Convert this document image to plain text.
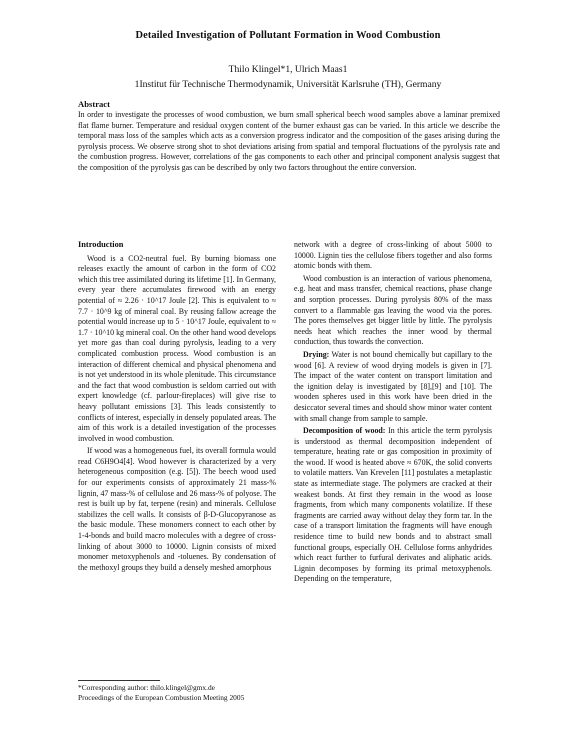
Detailed Investigation of Pollutant Formation in Wood Combustion
Thilo Klingel*1, Ulrich Maas1
1Institut für Technische Thermodynamik, Universität Karlsruhe (TH), Germany
Abstract

In order to investigate the processes of wood combustion, we burn small spherical beech wood samples above a laminar premixed flat flame burner. Temperature and residual oxygen content of the burner exhaust gas can be varied. In this article we describe the temporal mass loss of the samples which acts as a conversion progress indicator and the composition of the gases arising during the pyrolysis process. We observe strong shot to shot deviations arising from spatial and temporal fluctuations of the pyrolysis rate and the combustion progress. However, correlations of the gas components to each other and principal component analysis suggest that the composition of the pyrolysis gas can be described by only two factors throughout the entire conversion.

Introduction

Wood is a CO2-neutral fuel. By burning biomass one releases exactly the amount of carbon in the form of CO2 which this tree assimilated during its lifetime [1]. In Germany, every year there accumulates firewood with an energy potential of ≈ 2.26 · 10^17 Joule [2]. This is equivalent to ≈ 7.7 · 10^9 kg of mineral coal. By reusing fallow acreage the potential would increase up to 5 · 10^17 Joule, equivalent to ≈ 1.7 · 10^10 kg mineral coal. On the other hand wood develops yet more gas than coal during pyrolysis, leading to a very complicated combustion process. Wood combustion is an interaction of different chemical and physical phenomena and is not yet understood in its whole plenitude. This circumstance and the fact that wood combustion is seldom carried out with expert knowledge (cf. parlour-fireplaces) will give rise to heavy pollutant emissions [3]. This leads consistently to conflicts of interest, especially in densely populated areas. The aim of this work is a detailed investigation of the processes involved in wood combustion.

If wood was a homogeneous fuel, its overall formula would read C6H9O4[4]. Wood however is characterized by a very heterogeneous composition (e.g. [5]). The beech wood used for our experiments consists of approximately 21 mass-% lignin, 47 mass-% of cellulose and 26 mass-% of polyose. The rest is built up by fat, terpene (resin) and minerals. Cellulose stabilizes the cell walls. It consists of β-D-Glucopyranose as the basic module. These monomers connect to each other by 1-4-bonds and build macro molecules with a degree of cross-linking of about 3000 to 10000. Lignin consists of mixed monomer metoxyphenols and -toluenes. By condensation of the methoxyl groups they build a densely meshed amorphous

network with a degree of cross-linking of about 5000 to 10000. Lignin ties the cellulose fibers together and also forms atomic bonds with them.

Wood combustion is an interaction of various phenomena, e.g. heat and mass transfer, chemical reactions, phase change and sorption processes. During pyrolysis 80% of the mass convert to a flammable gas leaving the wood via the pores. The pores themselves get bigger little by little. The pyrolysis needs heat which reaches the inner wood by thermal conduction, thus towards the convection.

Drying: Water is not bound chemically but capillary to the wood [6]. A review of wood drying models is given in [7]. The impact of the water content on transport limitation and the ignition delay is investigated by [8],[9] and [10]. The wooden spheres used in this work have been dried in the desiccator several times and should show minor water content with small change from sample to sample.

Decomposition of wood: In this article the term pyrolysis is understood as thermal decomposition independent of temperature, heating rate or gas composition in proximity of the wood. If wood is heated above ≈ 670K, the solid converts to volatile matters. Van Krevelen [11] postulates a metaplastic state as intermediate stage. The polymers are cracked at their weakest bonds. At first they remain in the wood as loose fragments, from which many components volatilize. If these fragments are carried away without delay they form tar. In the case of a transport limitation the fragments will have enough residence time to build new bonds and to abstract small functional groups, especially OH. Cellulose forms anhydrides which react further to furfural derivates and aliphatic acids. Lignin decomposes by forming its primal metoxyphenols. Depending on the temperature,

*Corresponding author: thilo.klingel@gmx.de
Proceedings of the European Combustion Meeting 2005
